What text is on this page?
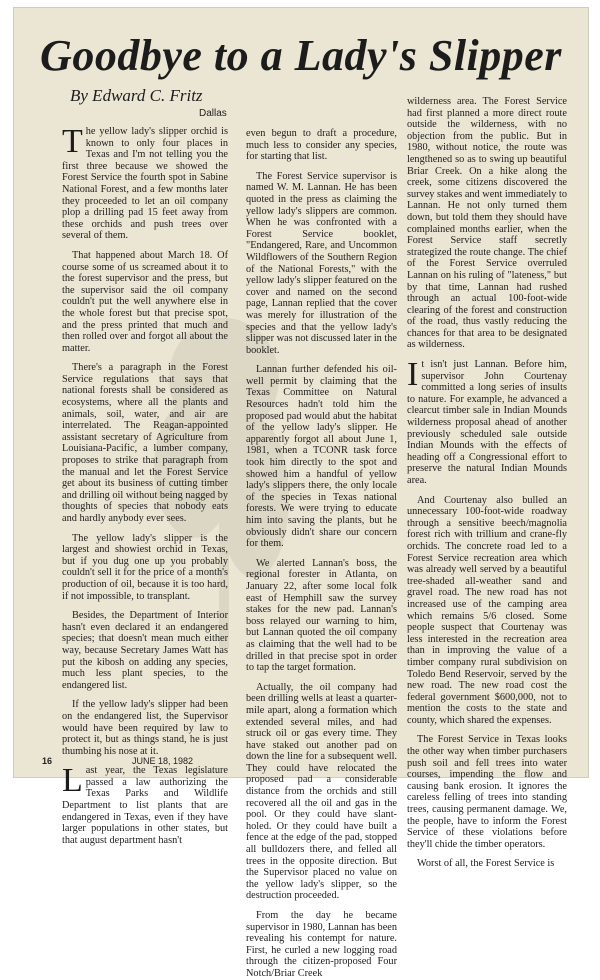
Goodbye to a Lady's Slipper
By Edward C. Fritz
Dallas

The yellow lady's slipper orchid is known to only four places in Texas and I'm not telling you the first three because we showed the Forest Service the fourth spot in Sabine National Forest, and a few months later they proceeded to let an oil company plop a drilling pad 15 feet away from these orchids and push trees over several of them.

That happened about March 18. Of course some of us screamed about it to the forest supervisor and the press, but the supervisor said the oil company couldn't put the well anywhere else in the whole forest but that precise spot, and the press printed that much and then rolled over and forgot all about the matter.

There's a paragraph in the Forest Service regulations that says that national forests shall be considered as ecosystems, where all the plants and animals, soil, water, and air are interrelated. The Reagan-appointed assistant secretary of Agriculture from Louisiana-Pacific, a lumber company, proposes to strike that paragraph from the manual and let the Forest Service get about its business of cutting timber and drilling oil without being nagged by thoughts of species that nobody eats and hardly anybody ever sees.

The yellow lady's slipper is the largest and showiest orchid in Texas, but if you dug one up you probably couldn't sell it for the price of a month's production of oil, because it is too hard, if not impossible, to transplant.

Besides, the Department of Interior hasn't even declared it an endangered species; that doesn't mean much either way, because Secretary James Watt has put the kibosh on adding any species, much less plant species, to the endangered list.

If the yellow lady's slipper had been on the endangered list, the Supervisor would have been required by law to protect it, but as things stand, he is just thumbing his nose at it.

Last year, the Texas legislature passed a law authorizing the Texas Parks and Wildlife Department to list plants that are endangered in Texas, even if they have larger populations in other states, but that august department hasn't

even begun to draft a procedure, much less to consider any species, for starting that list.

The Forest Service supervisor is named W. M. Lannan. He has been quoted in the press as claiming the yellow lady's slippers are common. When he was confronted with a Forest Service booklet, "Endangered, Rare, and Uncommon Wildflowers of the Southern Region of the National Forests," with the yellow lady's slipper featured on the cover and named on the second page, Lannan replied that the cover was merely for illustration of the species and that the yellow lady's slipper was not discussed later in the booklet.

Lannan further defended his oil-well permit by claiming that the Texas Committee on Natural Resources hadn't told him the proposed pad would abut the habitat of the yellow lady's slipper. He apparently forgot all about June 1, 1981, when a TCONR task force took him directly to the spot and showed him a handful of yellow lady's slippers there, the only locale of the species in Texas national forests. We were trying to educate him into saving the plants, but he obviously didn't share our concern for them.

We alerted Lannan's boss, the regional forester in Atlanta, on January 22, after some local folk east of Hemphill saw the survey stakes for the new pad. Lannan's boss relayed our warning to him, but Lannan quoted the oil company as claiming that the well had to be drilled in that precise spot in order to tap the target formation.

Actually, the oil company had been drilling wells at least a quarter-mile apart, along a formation which extended several miles, and had struck oil or gas every time. They have staked out another pad on down the line for a subsequent well. They could have relocated the proposed pad a considerable distance from the orchids and still recovered all the oil and gas in the pool. Or they could have slant-holed. Or they could have built a fence at the edge of the pad, stopped all bulldozers there, and felled all trees in the opposite direction. But the Supervisor placed no value on the yellow lady's slipper, so the destruction proceeded.

From the day he became supervisor in 1980, Lannan has been revealing his contempt for nature. First, he curled a new logging road through the citizen-proposed Four Notch/Briar Creek

wilderness area. The Forest Service had first planned a more direct route outside the wilderness, with no objection from the public. But in 1980, without notice, the route was lengthened so as to swing up beautiful Briar Creek. On a hike along the creek, some citizens discovered the survey stakes and went immediately to Lannan. He not only turned them down, but told them they should have complained months earlier, when the Forest Service staff secretly strategized the route change. The chief of the Forest Service overruled Lannan on his ruling of "lateness," but by that time, Lannan had rushed through an actual 100-foot-wide clearing of the forest and construction of the road, thus vastly reducing the chances for that area to be designated as wilderness.

It isn't just Lannan. Before him, supervisor John Courtenay committed a long series of insults to nature. For example, he advanced a clearcut timber sale in Indian Mounds wilderness proposal ahead of another previously scheduled sale outside Indian Mounds with the effects of heading off a Congressional effort to preserve the natural Indian Mounds area.

And Courtenay also bulled an unnecessary 100-foot-wide roadway through a sensitive beech/magnolia forest rich with trillium and crane-fly orchids. The concrete road led to a Forest Service recreation area which was already well served by a beautiful tree-shaded all-weather sand and gravel road. The new road has not increased use of the camping area which remains 5/6 closed. Some people suspect that Courtenay was less interested in the recreation area than in improving the value of a timber company rural subdivision on Toledo Bend Reservoir, served by the new road. The new road cost the federal government $600,000, not to mention the costs to the state and county, which shared the expenses.

The Forest Service in Texas looks the other way when timber purchasers push soil and fell trees into water courses, impending the flow and causing bank erosion. It ignores the careless felling of trees into standing trees, causing permanent damage. We, the people, have to inform the Forest Service of these violations before they'll chide the timber operators.

Worst of all, the Forest Service is

16	JUNE 18, 1982
